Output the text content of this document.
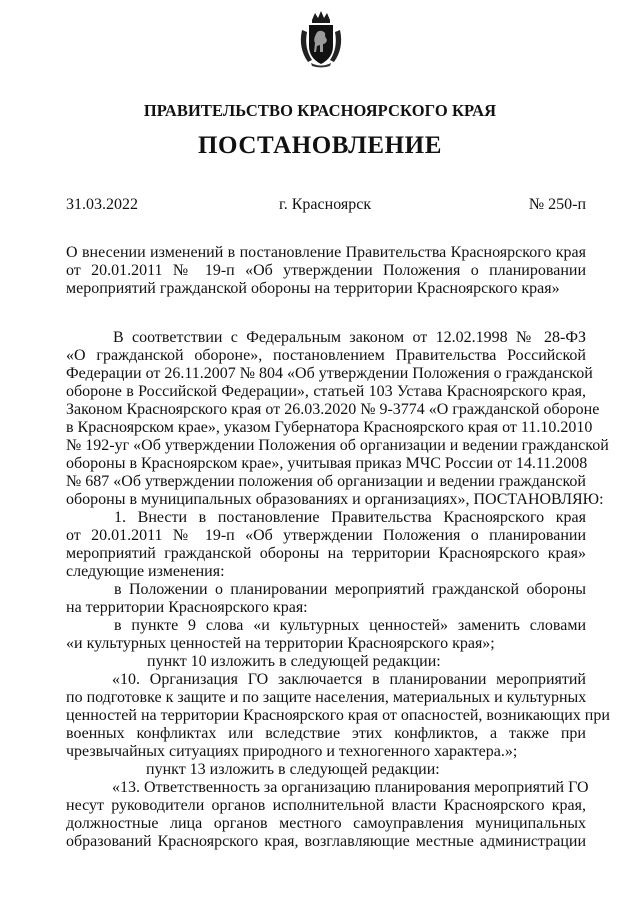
ПРАВИТЕЛЬСТВО КРАСНОЯРСКОГО КРАЯ
ПОСТАНОВЛЕНИЕ
31.03.2022	г. Красноярск	№ 250-п
О внесении изменений в постановление Правительства Красноярского края
от 20.01.2011 № 19-п «Об утверждении Положения о планировании
мероприятий гражданской обороны на территории Красноярского края»
В соответствии с Федеральным законом от 12.02.1998 № 28-ФЗ
«О гражданской обороне», постановлением Правительства Российской
Федерации от 26.11.2007 № 804 «Об утверждении Положения о гражданской
обороне в Российской Федерации», статьей 103 Устава Красноярского края,
Законом Красноярского края от 26.03.2020 № 9-3774 «О гражданской обороне
в Красноярском крае», указом Губернатора Красноярского края от 11.10.2010
№ 192-уг «Об утверждении Положения об организации и ведении гражданской
обороны в Красноярском крае», учитывая приказ МЧС России от 14.11.2008
№ 687 «Об утверждении положения об организации и ведении гражданской
обороны в муниципальных образованиях и организациях», ПОСТАНОВЛЯЮ:
1. Внести в постановление Правительства Красноярского края
от 20.01.2011 № 19-п «Об утверждении Положения о планировании
мероприятий гражданской обороны на территории Красноярского края»
следующие изменения:
в Положении о планировании мероприятий гражданской обороны
на территории Красноярского края:
в пункте 9 слова «и культурных ценностей» заменить словами
«и культурных ценностей на территории Красноярского края»;
пункт 10 изложить в следующей редакции:
«10. Организация ГО заключается в планировании мероприятий
по подготовке к защите и по защите населения, материальных и культурных
ценностей на территории Красноярского края от опасностей, возникающих при
военных конфликтах или вследствие этих конфликтов, а также при
чрезвычайных ситуациях природного и техногенного характера.»;
пункт 13 изложить в следующей редакции:
«13. Ответственность за организацию планирования мероприятий ГО
несут руководители органов исполнительной власти Красноярского края,
должностные лица органов местного самоуправления муниципальных
образований Красноярского края, возглавляющие местные администрации
